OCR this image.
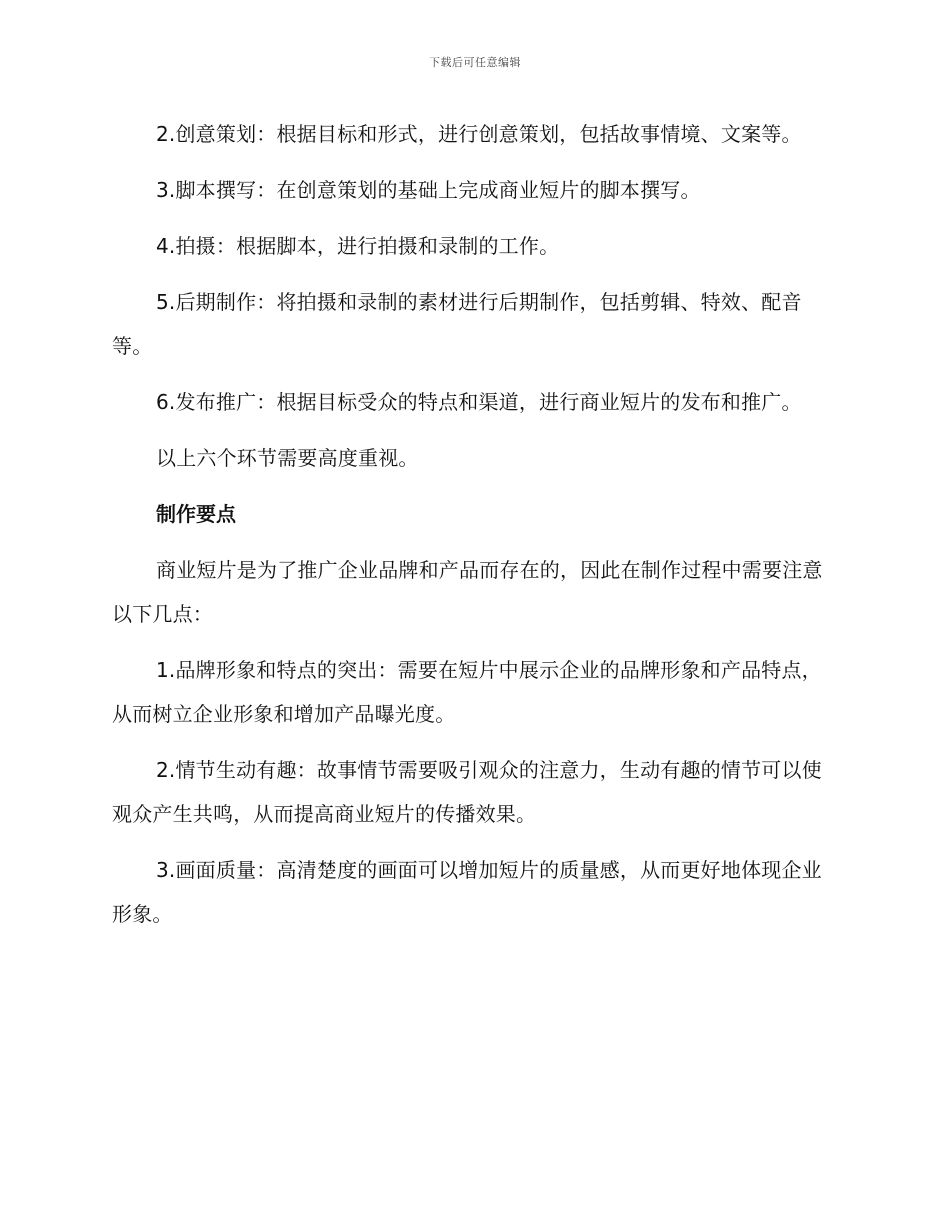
下载后可任意编辑

2.创意策划：根据目标和形式，进行创意策划，包括故事情境、文案等。

3.脚本撰写：在创意策划的基础上完成商业短片的脚本撰写。

4.拍摄：根据脚本，进行拍摄和录制的工作。

5.后期制作：将拍摄和录制的素材进行后期制作，包括剪辑、特效、配音等。

6.发布推广：根据目标受众的特点和渠道，进行商业短片的发布和推广。

以上六个环节需要高度重视。

制作要点

商业短片是为了推广企业品牌和产品而存在的，因此在制作过程中需要注意以下几点：

1.品牌形象和特点的突出：需要在短片中展示企业的品牌形象和产品特点，从而树立企业形象和增加产品曝光度。

2.情节生动有趣：故事情节需要吸引观众的注意力，生动有趣的情节可以使观众产生共鸣，从而提高商业短片的传播效果。

3.画面质量：高清楚度的画面可以增加短片的质量感，从而更好地体现企业形象。
